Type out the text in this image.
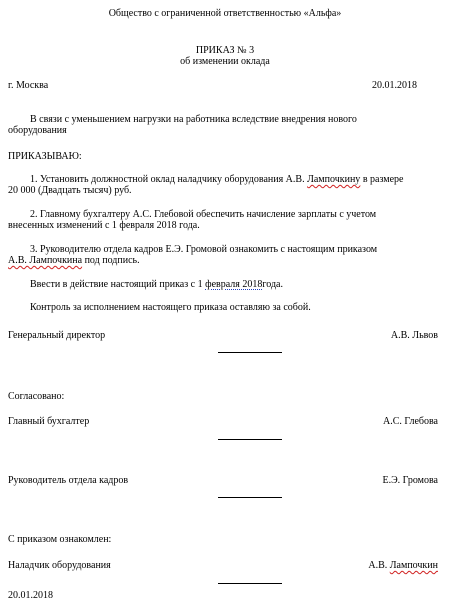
Общество с ограниченной ответственностью «Альфа»
ПРИКАЗ № 3
об изменении оклада
г. Москва	20.01.2018
В связи с уменьшением нагрузки на работника вследствие внедрения нового
оборудования
ПРИКАЗЫВАЮ:
1. Установить должностной оклад наладчику оборудования А.В. Лампочкину в размере
20 000 (Двадцать тысяч) руб.
2. Главному бухгалтеру А.С. Глебовой обеспечить начисление зарплаты с учетом
внесенных изменений с 1 февраля 2018 года.
3. Руководителю отдела кадров Е.Э. Громовой ознакомить с настоящим приказом
А.В. Лампочкина под подпись.
Ввести в действие настоящий приказ с 1 февраля 2018года.
Контроль за исполнением настоящего приказа оставляю за собой.
Генеральный директор	А.В. Львов
Согласовано:
Главный бухгалтер	А.С. Глебова
Руководитель отдела кадров	Е.Э. Громова
С приказом ознакомлен:
Наладчик оборудования	А.В. Лампочкин
20.01.2018
